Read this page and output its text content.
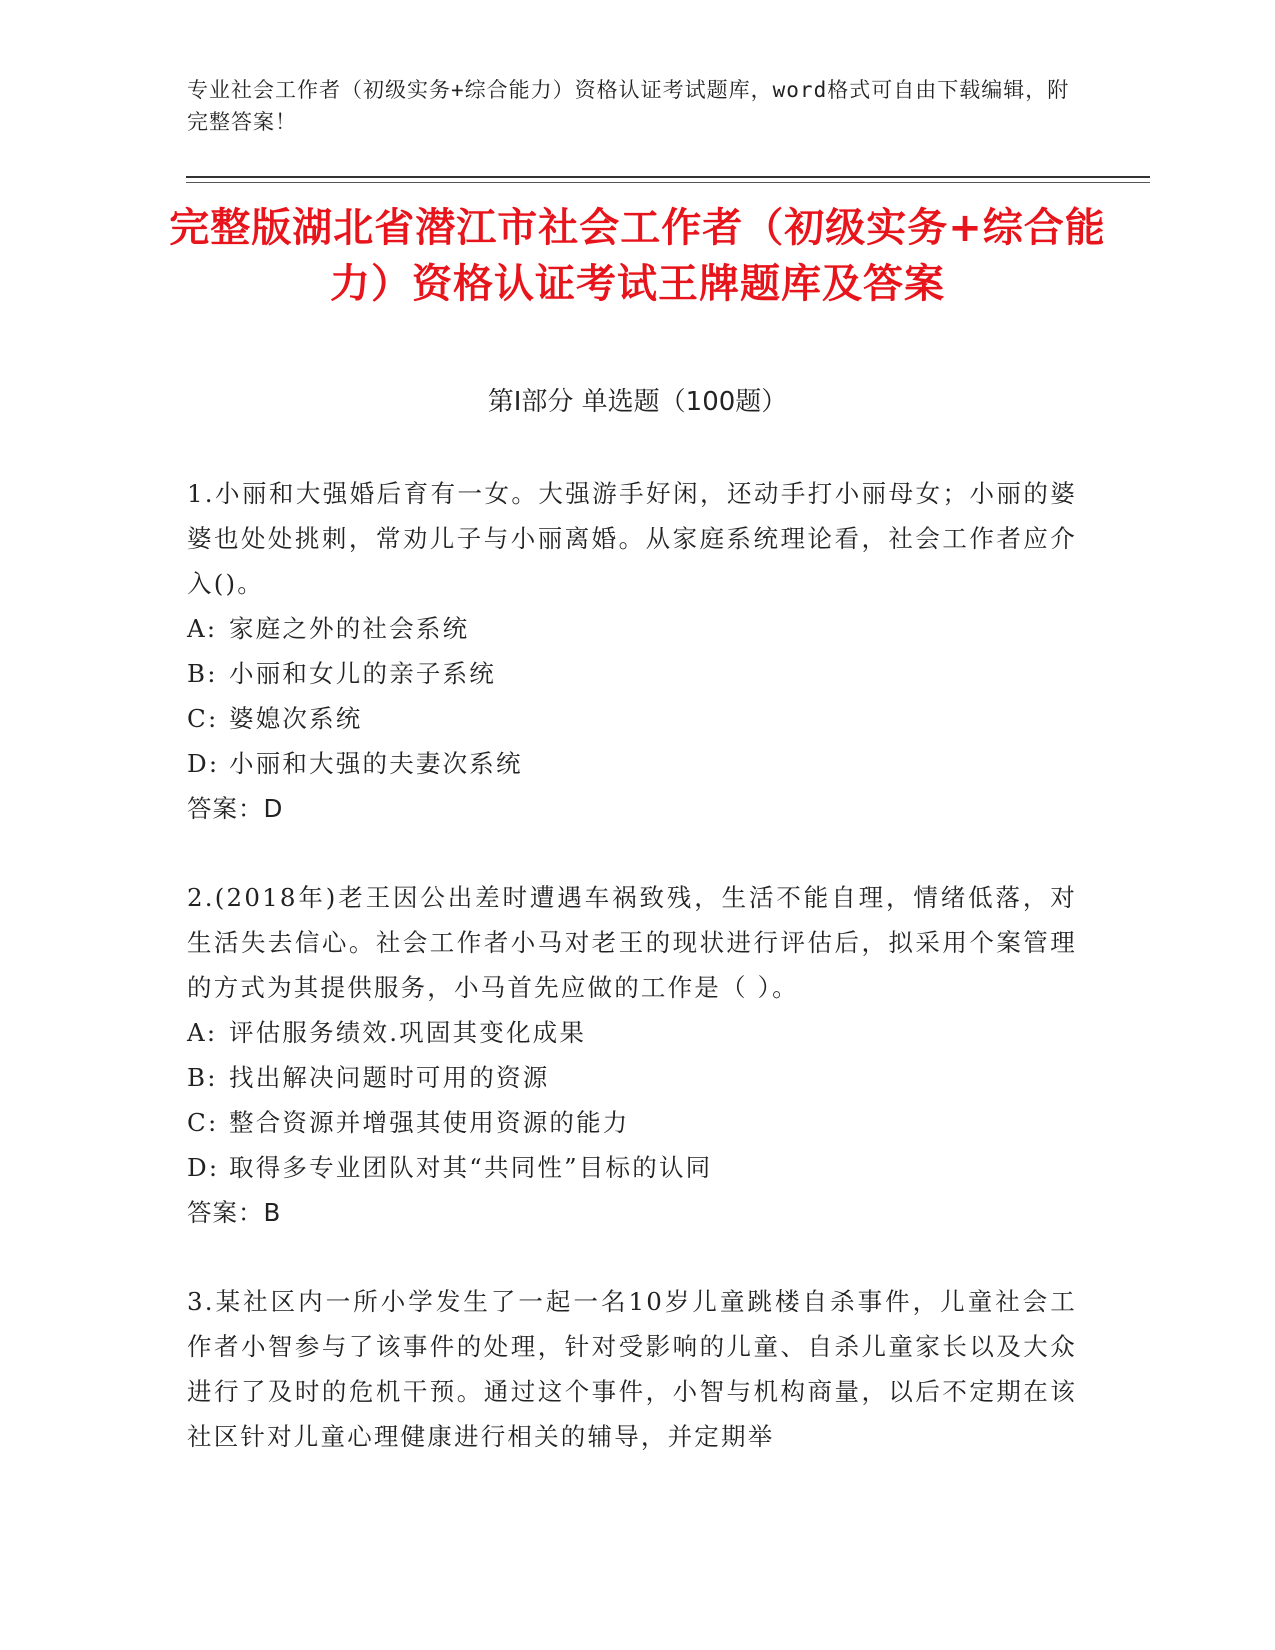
专业社会工作者（初级实务+综合能力）资格认证考试题库，word格式可自由下载编辑，附完整答案！
完整版湖北省潜江市社会工作者（初级实务+综合能力）资格认证考试王牌题库及答案
第Ⅰ部分 单选题（100题）
1.小丽和大强婚后育有一女。大强游手好闲，还动手打小丽母女；小丽的婆婆也处处挑刺，常劝儿子与小丽离婚。从家庭系统理论看，社会工作者应介入()。
A: 家庭之外的社会系统
B: 小丽和女儿的亲子系统
C: 婆媳次系统
D: 小丽和大强的夫妻次系统
答案：D
2.(2018年)老王因公出差时遭遇车祸致残，生活不能自理，情绪低落，对生活失去信心。社会工作者小马对老王的现状进行评估后，拟采用个案管理的方式为其提供服务，小马首先应做的工作是（ ）。
A: 评估服务绩效.巩固其变化成果
B: 找出解决问题时可用的资源
C: 整合资源并增强其使用资源的能力
D: 取得多专业团队对其“共同性”目标的认同
答案：B
3.某社区内一所小学发生了一起一名10岁儿童跳楼自杀事件，儿童社会工作者小智参与了该事件的处理，针对受影响的儿童、自杀儿童家长以及大众进行了及时的危机干预。通过这个事件，小智与机构商量，以后不定期在该社区针对儿童心理健康进行相关的辅导，并定期举
